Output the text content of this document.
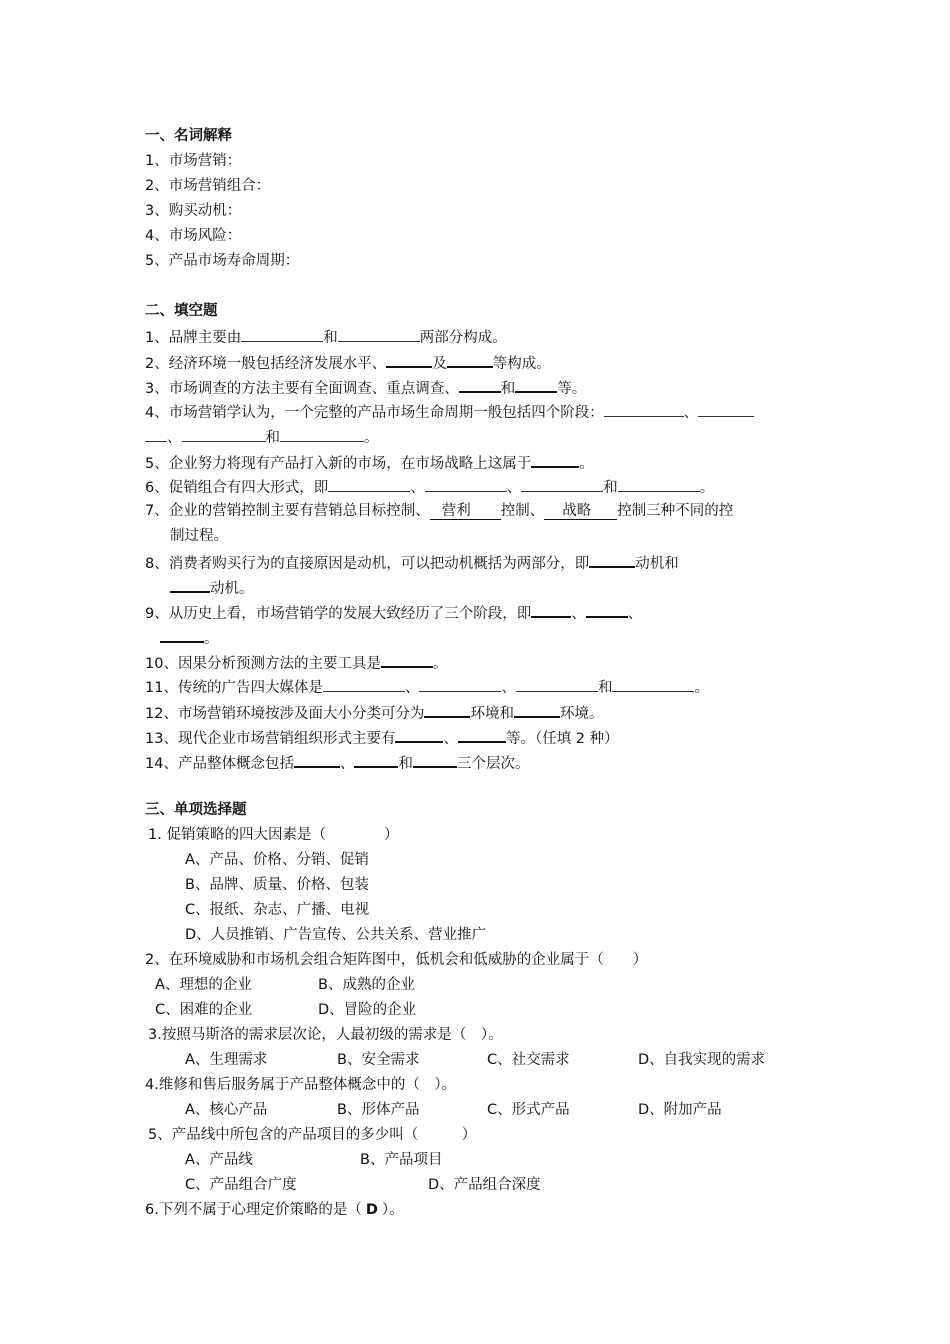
一、名词解释
1、市场营销：
2、市场营销组合：
3、购买动机：
4、市场风险：
5、产品市场寿命周期：
二、填空题
1、品牌主要由	和	两部分构成。
2、经济环境一般包括经济发展水平、	及	等构成。
3、市场调查的方法主要有全面调查、重点调查、	和	等。
4、市场营销学认为，一个完整的产品市场生命周期一般包括四个阶段：	、
、	和	。
5、企业努力将现有产品打入新的市场，在市场战略上这属于	。
6、促销组合有四大形式，即	、	、	和	。
7、企业的营销控制主要有营销总目标控制、 营利 控制、 战略 控制三种不同的控
制过程。
8、消费者购买行为的直接原因是动机，可以把动机概括为两部分，即	动机和
动机。
9、从历史上看，市场营销学的发展大致经历了三个阶段，即	、	、
。
10、因果分析预测方法的主要工具是	。
11、传统的广告四大媒体是	、	、	和	。
12、市场营销环境按涉及面大小分类可分为	环境和	环境。
13、现代企业市场营销组织形式主要有	、	等。（任填 2 种）
14、产品整体概念包括	、	和	三个层次。
三、单项选择题
1. 促销策略的四大因素是（　　　　）
A、产品、价格、分销、促销
B、品牌、质量、价格、包装
C、报纸、杂志、广播、电视
D、人员推销、广告宣传、公共关系、营业推广
2、在环境威胁和市场机会组合矩阵图中，低机会和低威胁的企业属于（　　）
A、理想的企业	B、成熟的企业
C、困难的企业	D、冒险的企业
3.按照马斯洛的需求层次论，人最初级的需求是（　）。
A、生理需求	B、安全需求	C、社交需求	D、自我实现的需求
4.维修和售后服务属于产品整体概念中的（　）。
A、核心产品	B、形体产品	C、形式产品	D、附加产品
5、产品线中所包含的产品项目的多少叫（　　　）
A、产品线	B、产品项目
C、产品组合广度	D、产品组合深度
6.下列不属于心理定价策略的是（ D ）。
